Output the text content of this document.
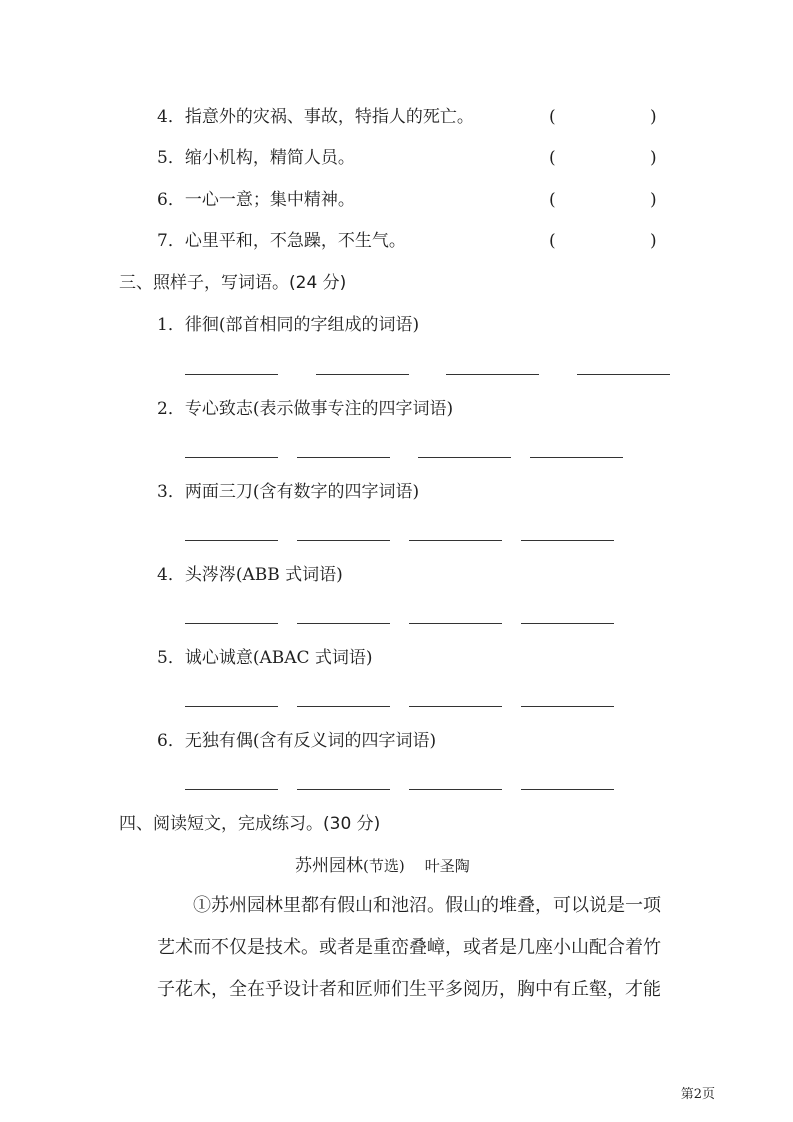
4．指意外的灾祸、事故，特指人的死亡。	(	)
5．缩小机构，精简人员。	(	)
6．一心一意；集中精神。	(	)
7．心里平和，不急躁，不生气。	(	)
三、照样子，写词语。(24 分)
1．徘徊(部首相同的字组成的词语)
2．专心致志(表示做事专注的四字词语)
3．两面三刀(含有数字的四字词语)
4．头涔涔(ABB 式词语)
5．诚心诚意(ABAC 式词语)
6．无独有偶(含有反义词的四字词语)
四、阅读短文，完成练习。(30 分)
苏州园林(节选) 叶圣陶
①苏州园林里都有假山和池沼。假山的堆叠，可以说是一项艺术而不仅是技术。或者是重峦叠嶂，或者是几座小山配合着竹子花木，全在乎设计者和匠师们生平多阅历，胸中有丘壑，才能
第2页
